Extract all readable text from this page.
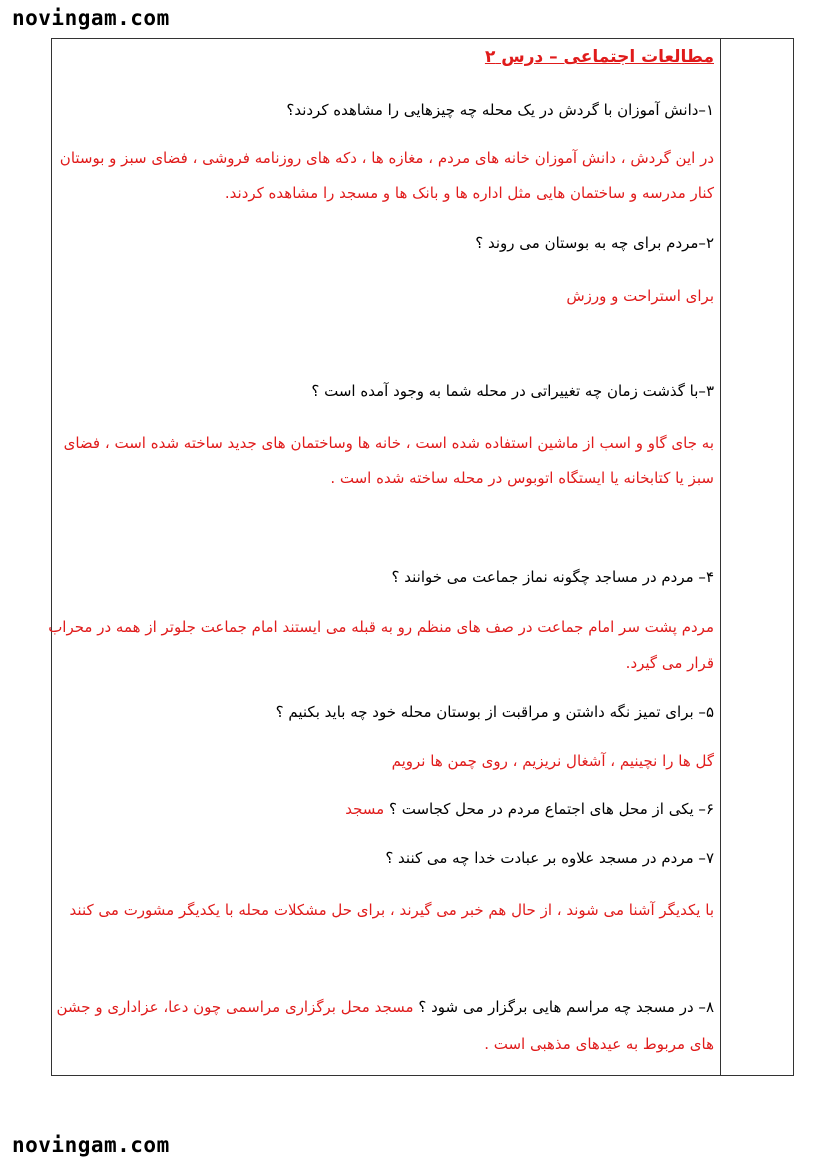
novingam.com
مطالعات اجتماعی – درس ۲
۱–دانش آموزان با گردش در یک محله چه چیزهایی را مشاهده کردند؟
در این گردش ، دانش آموزان خانه های مردم ، مغازه ها ، دکه های روزنامه فروشی ، فضای سبز و بوستان
کنار مدرسه و ساختمان هایی مثل اداره ها و بانک ها و مسجد را مشاهده کردند.
۲–مردم برای چه به بوستان می روند ؟
برای استراحت و ورزش
۳–با گذشت زمان چه تغییراتی در محله شما به وجود آمده است ؟
به جای گاو و اسب از ماشین استفاده شده است ، خانه ها وساختمان های جدید ساخته شده است ، فضای
سبز یا کتابخانه یا ایستگاه اتوبوس در محله ساخته شده است .
۴– مردم در مساجد چگونه نماز جماعت می خوانند ؟
مردم پشت سر امام جماعت در صف های منظم رو به قبله می ایستند امام جماعت جلوتر از همه در محراب
قرار می گیرد.
۵– برای تمیز نگه داشتن و مراقبت از بوستان محله خود چه باید بکنیم ؟
گل ها را نچینیم ، آشغال نریزیم ، روی چمن ها نرویم
۶– یکی از محل های اجتماع مردم در محل کجاست ؟ مسجد
۷– مردم در مسجد علاوه بر عبادت خدا چه می کنند ؟
با یکدیگر آشنا می شوند ، از حال هم خبر می گیرند ، برای حل مشکلات محله با یکدیگر مشورت می کنند
۸– در مسجد چه مراسم هایی برگزار می شود ؟ مسجد محل برگزاری مراسمی چون دعا، عزاداری و جشن
های مربوط به عیدهای مذهبی است .
novingam.com
